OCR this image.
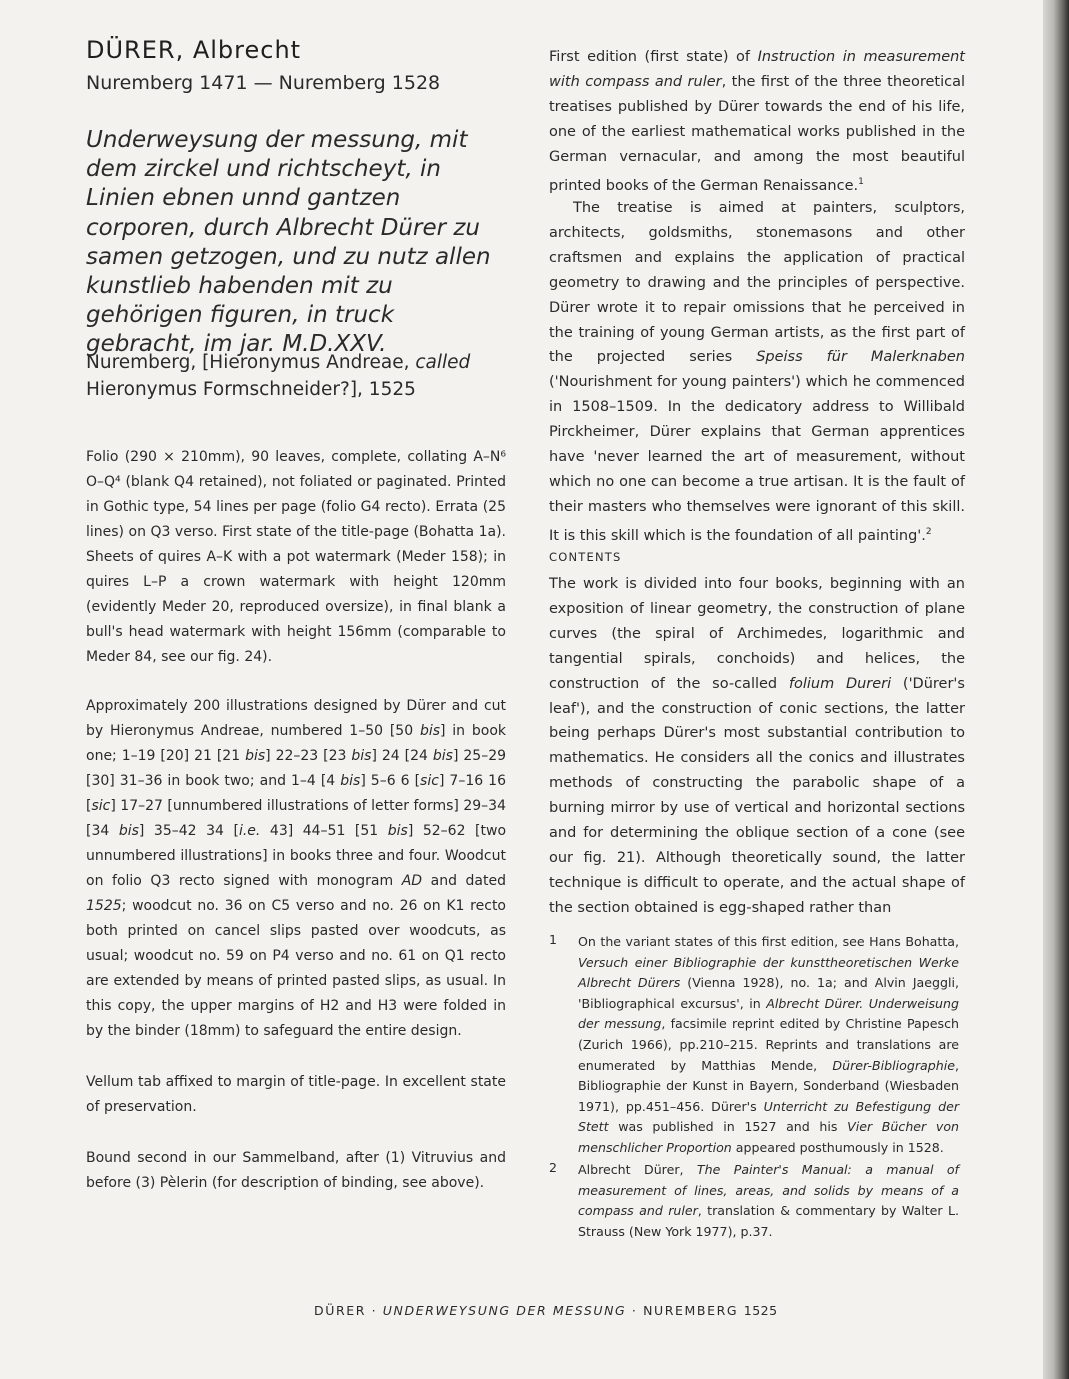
DÜRER, Albrecht
Nuremberg 1471 — Nuremberg 1528
Underweysung der messung, mit dem zirckel und richtscheyt, in Linien ebnen unnd gantzen corporen, durch Albrecht Dürer zu samen getzogen, und zu nutz allen kunstlieb habenden mit zu gehörigen figuren, in truck gebracht, im jar. M.D.XXV.
Nuremberg, [Hieronymus Andreae, called Hieronymus Formschneider?], 1525
Folio (290 × 210mm), 90 leaves, complete, collating A–N⁶ O–Q⁴ (blank Q4 retained), not foliated or paginated. Printed in Gothic type, 54 lines per page (folio G4 recto). Errata (25 lines) on Q3 verso. First state of the title-page (Bohatta 1a). Sheets of quires A–K with a pot watermark (Meder 158); in quires L–P a crown watermark with height 120mm (evidently Meder 20, reproduced oversize), in final blank a bull's head watermark with height 156mm (comparable to Meder 84, see our fig. 24).
Approximately 200 illustrations designed by Dürer and cut by Hieronymus Andreae, numbered 1–50 [50 bis] in book one; 1–19 [20] 21 [21 bis] 22–23 [23 bis] 24 [24 bis] 25–29 [30] 31–36 in book two; and 1–4 [4 bis] 5–6 6 [sic] 7–16 16 [sic] 17–27 [unnumbered illustrations of letter forms] 29–34 [34 bis] 35–42 34 [i.e. 43] 44–51 [51 bis] 52–62 [two unnumbered illustrations] in books three and four. Woodcut on folio Q3 recto signed with monogram AD and dated 1525; woodcut no. 36 on C5 verso and no. 26 on K1 recto both printed on cancel slips pasted over woodcuts, as usual; woodcut no. 59 on P4 verso and no. 61 on Q1 recto are extended by means of printed pasted slips, as usual. In this copy, the upper margins of H2 and H3 were folded in by the binder (18mm) to safeguard the entire design.
Vellum tab affixed to margin of title-page. In excellent state of preservation.
Bound second in our Sammelband, after (1) Vitruvius and before (3) Pèlerin (for description of binding, see above).
First edition (first state) of Instruction in measurement with compass and ruler, the first of the three theoretical treatises published by Dürer towards the end of his life, one of the earliest mathematical works published in the German vernacular, and among the most beautiful printed books of the German Renaissance.$^1$
The treatise is aimed at painters, sculptors, architects, goldsmiths, stonemasons and other craftsmen and explains the application of practical geometry to drawing and the principles of perspective. Dürer wrote it to repair omissions that he perceived in the training of young German artists, as the first part of the projected series Speiss für Malerknaben ('Nourishment for young painters') which he commenced in 1508–1509. In the dedicatory address to Willibald Pirckheimer, Dürer explains that German apprentices have 'never learned the art of measurement, without which no one can become a true artisan. It is the fault of their masters who themselves were ignorant of this skill. It is this skill which is the foundation of all painting'.$^2$
CONTENTS
The work is divided into four books, beginning with an exposition of linear geometry, the construction of plane curves (the spiral of Archimedes, logarithmic and tangential spirals, conchoids) and helices, the construction of the so-called folium Dureri ('Dürer's leaf'), and the construction of conic sections, the latter being perhaps Dürer's most substantial contribution to mathematics. He considers all the conics and illustrates methods of constructing the parabolic shape of a burning mirror by use of vertical and horizontal sections and for determining the oblique section of a cone (see our fig. 21). Although theoretically sound, the latter technique is difficult to operate, and the actual shape of the section obtained is egg-shaped rather than
1 On the variant states of this first edition, see Hans Bohatta, Versuch einer Bibliographie der kunsttheoretischen Werke Albrecht Dürers (Vienna 1928), no. 1a; and Alvin Jaeggli, 'Bibliographical excursus', in Albrecht Dürer. Underweisung der messung, facsimile reprint edited by Christine Papesch (Zurich 1966), pp.210–215. Reprints and translations are enumerated by Matthias Mende, Dürer-Bibliographie, Bibliographie der Kunst in Bayern, Sonderband (Wiesbaden 1971), pp.451–456. Dürer's Unterricht zu Befestigung der Stett was published in 1527 and his Vier Bücher von menschlicher Proportion appeared posthumously in 1528.
2 Albrecht Dürer, The Painter's Manual: a manual of measurement of lines, areas, and solids by means of a compass and ruler, translation & commentary by Walter L. Strauss (New York 1977), p.37.
DÜRER · UNDERWEYSUNG DER MESSUNG · NUREMBERG 1525
